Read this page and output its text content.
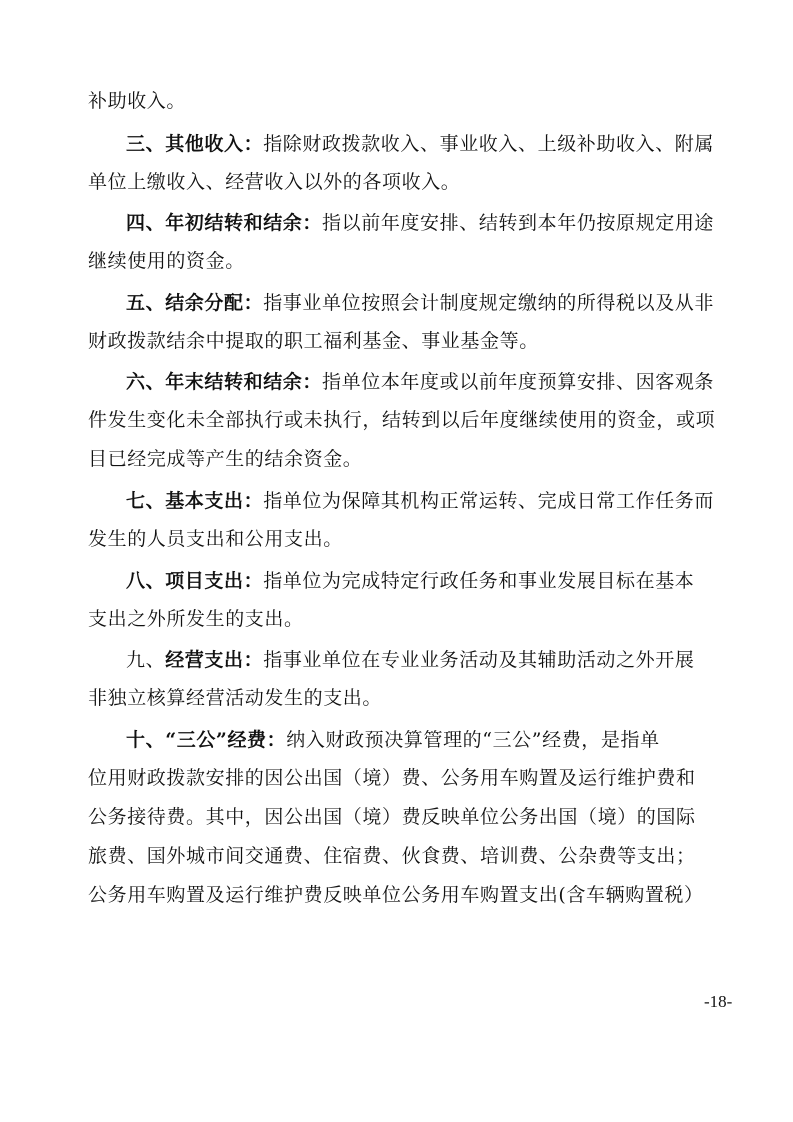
补助收入。
三、其他收入：指除财政拨款收入、事业收入、上级补助收入、附属
单位上缴收入、经营收入以外的各项收入。
四、年初结转和结余：指以前年度安排、结转到本年仍按原规定用途
继续使用的资金。
五、结余分配：指事业单位按照会计制度规定缴纳的所得税以及从非
财政拨款结余中提取的职工福利基金、事业基金等。
六、年末结转和结余：指单位本年度或以前年度预算安排、因客观条
件发生变化未全部执行或未执行，结转到以后年度继续使用的资金，或项
目已经完成等产生的结余资金。
七、基本支出：指单位为保障其机构正常运转、完成日常工作任务而
发生的人员支出和公用支出。
八、项目支出：指单位为完成特定行政任务和事业发展目标在基本
支出之外所发生的支出。
九、经营支出：指事业单位在专业业务活动及其辅助活动之外开展
非独立核算经营活动发生的支出。
十、“三公”经费：纳入财政预决算管理的“三公”经费，是指单
位用财政拨款安排的因公出国（境）费、公务用车购置及运行维护费和
公务接待费。其中，因公出国（境）费反映单位公务出国（境）的国际
旅费、国外城市间交通费、住宿费、伙食费、培训费、公杂费等支出；
公务用车购置及运行维护费反映单位公务用车购置支出(含车辆购置税）
-18-
